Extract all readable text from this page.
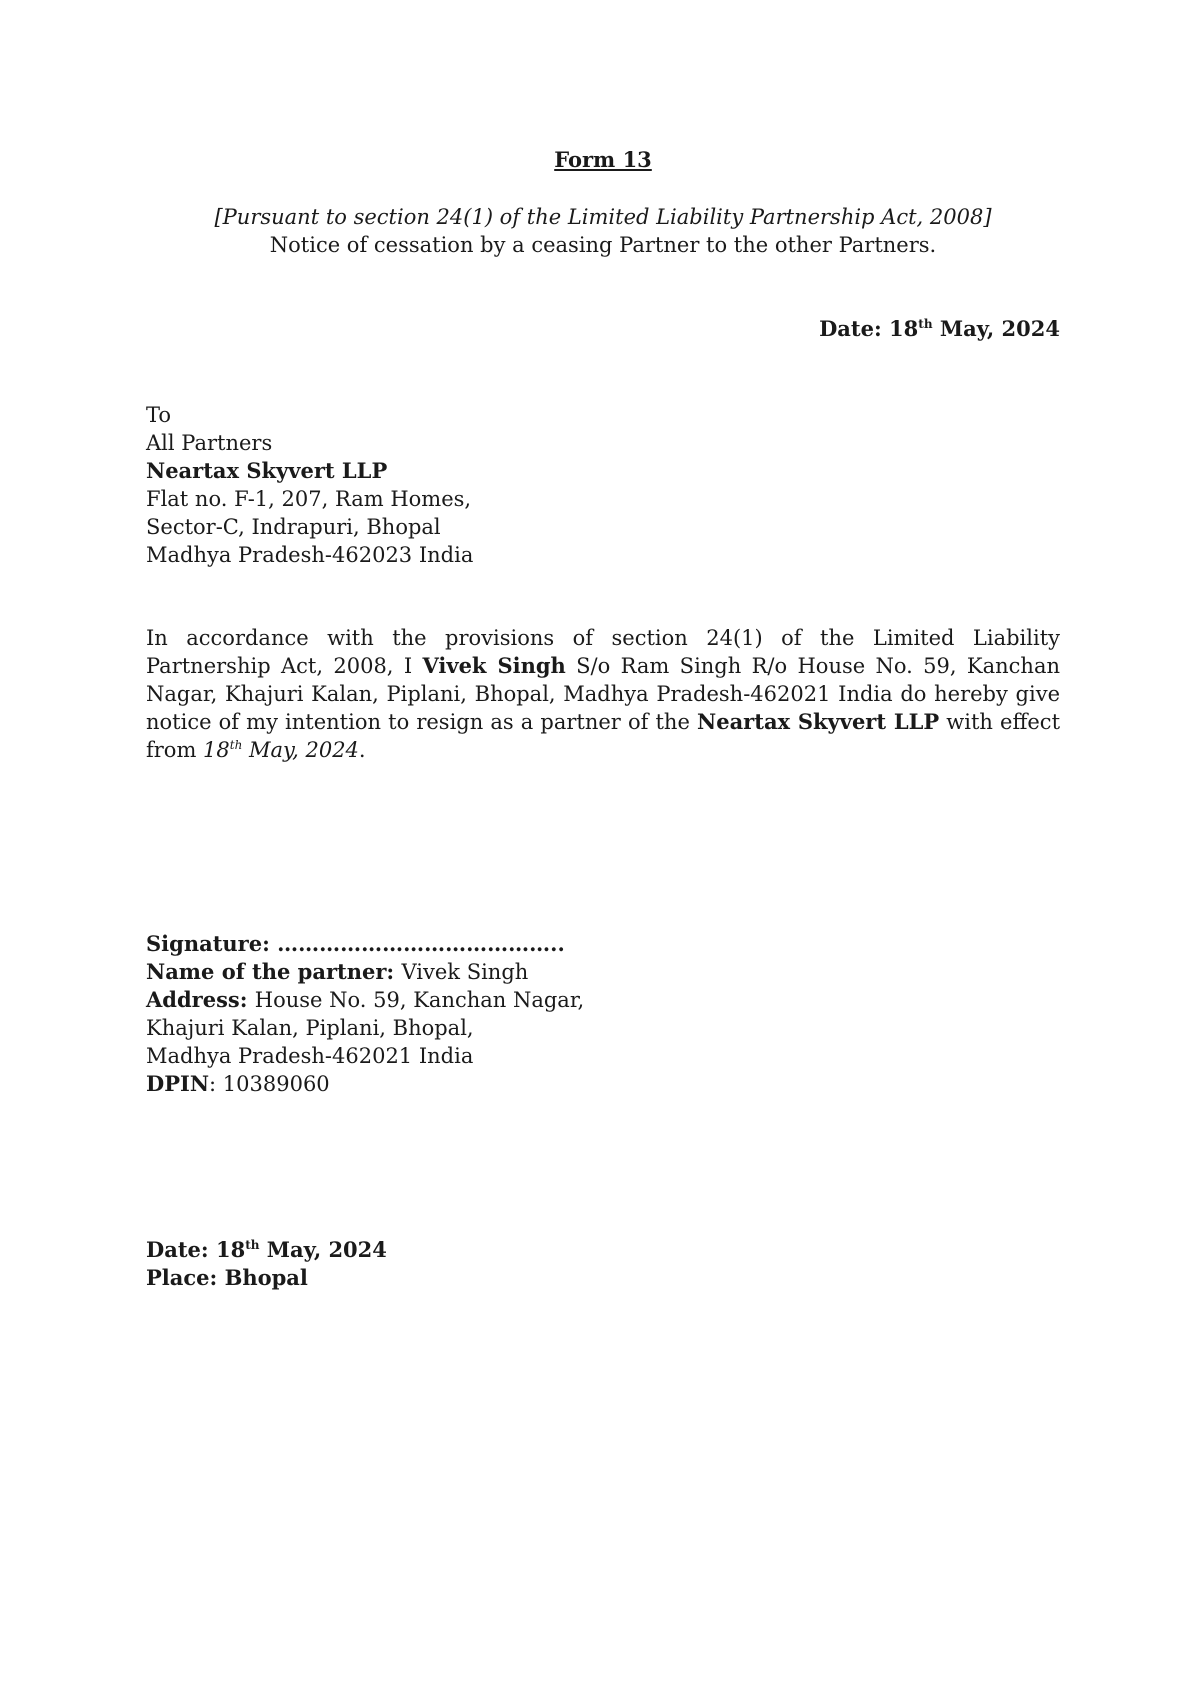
Form 13
[Pursuant to section 24(1) of the Limited Liability Partnership Act, 2008]
Notice of cessation by a ceasing Partner to the other Partners.
Date: 18th May, 2024
To
All Partners
Neartax Skyvert LLP
Flat no. F-1, 207, Ram Homes,
Sector-C, Indrapuri, Bhopal
Madhya Pradesh-462023 India
In accordance with the provisions of section 24(1) of the Limited Liability Partnership Act, 2008, I Vivek Singh S/o Ram Singh R/o House No. 59, Kanchan Nagar, Khajuri Kalan, Piplani, Bhopal, Madhya Pradesh-462021 India do hereby give notice of my intention to resign as a partner of the Neartax Skyvert LLP with effect from 18th May, 2024.
Signature: …………………………………..
Name of the partner: Vivek Singh
Address: House No. 59, Kanchan Nagar,
Khajuri Kalan, Piplani, Bhopal,
Madhya Pradesh-462021 India
DPIN: 10389060
Date: 18th May, 2024
Place: Bhopal
